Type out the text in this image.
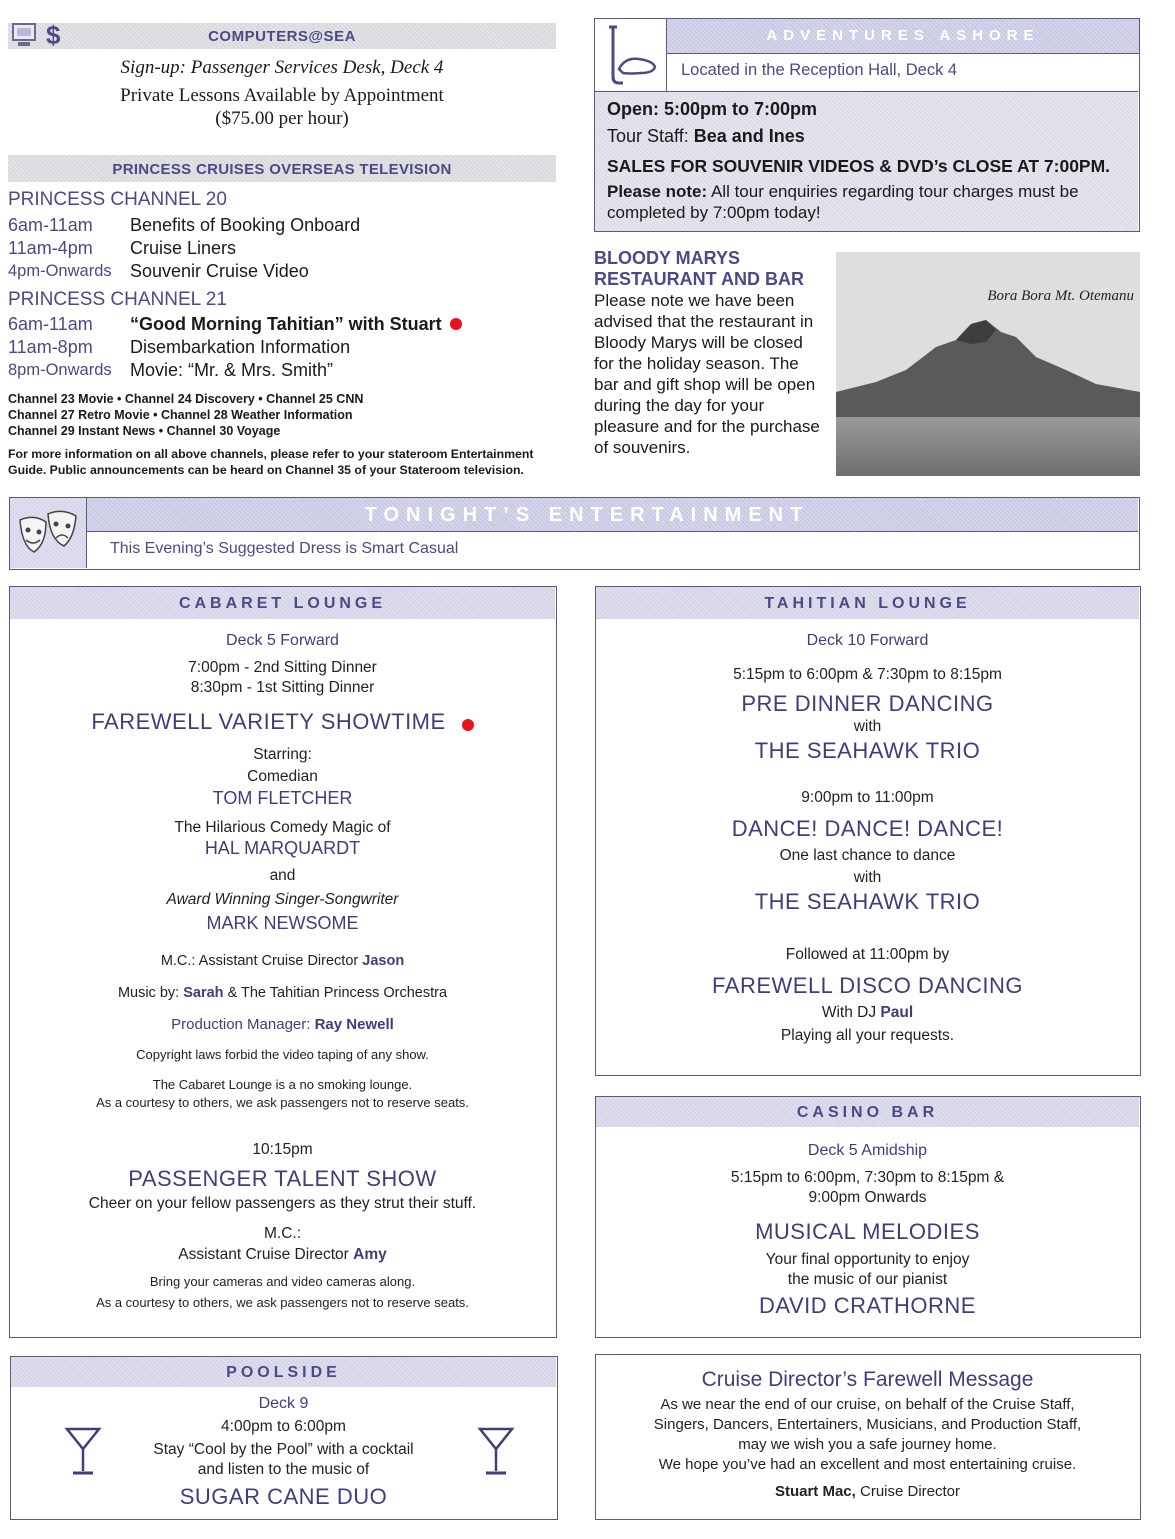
$	COMPUTERS@SEA
Sign-up: Passenger Services Desk, Deck 4
Private Lessons Available by Appointment
($75.00 per hour)
PRINCESS CRUISES OVERSEAS TELEVISION
PRINCESS CHANNEL 20
6am-11am	Benefits of Booking Onboard
11am-4pm	Cruise Liners
4pm-Onwards	Souvenir Cruise Video
PRINCESS CHANNEL 21
6am-11am	“Good Morning Tahitian” with Stuart
11am-8pm	Disembarkation Information
8pm-Onwards	Movie: “Mr. & Mrs. Smith”
Channel 23 Movie • Channel 24 Discovery • Channel 25 CNN
Channel 27 Retro Movie • Channel 28 Weather Information
Channel 29 Instant News • Channel 30 Voyage
For more information on all above channels, please refer to your stateroom Entertainment Guide. Public announcements can be heard on Channel 35 of your Stateroom television.
ADVENTURES ASHORE
Located in the Reception Hall, Deck 4
Open: 5:00pm to 7:00pm
Tour Staff: Bea and Ines
SALES FOR SOUVENIR VIDEOS & DVD’s CLOSE AT 7:00PM.
Please note: All tour enquiries regarding tour charges must be completed by 7:00pm today!
BLOODY MARYS
RESTAURANT AND BAR
Please note we have been advised that the restaurant in Bloody Marys will be closed for the holiday season. The bar and gift shop will be open during the day for your pleasure and for the purchase of souvenirs.
Bora Bora Mt. Otemanu
TONIGHT’S ENTERTAINMENT
This Evening’s Suggested Dress is Smart Casual
CABARET LOUNGE
Deck 5 Forward
7:00pm - 2nd Sitting Dinner
8:30pm - 1st Sitting Dinner
FAREWELL VARIETY SHOWTIME
Starring:
Comedian
TOM FLETCHER
The Hilarious Comedy Magic of
HAL MARQUARDT
and
Award Winning Singer-Songwriter
MARK NEWSOME
M.C.: Assistant Cruise Director Jason
Music by: Sarah & The Tahitian Princess Orchestra
Production Manager: Ray Newell
Copyright laws forbid the video taping of any show.
The Cabaret Lounge is a no smoking lounge.
As a courtesy to others, we ask passengers not to reserve seats.
10:15pm
PASSENGER TALENT SHOW
Cheer on your fellow passengers as they strut their stuff.
M.C.:
Assistant Cruise Director Amy
Bring your cameras and video cameras along.
As a courtesy to others, we ask passengers not to reserve seats.
TAHITIAN LOUNGE
Deck 10 Forward
5:15pm to 6:00pm & 7:30pm to 8:15pm
PRE DINNER DANCING
with
THE SEAHAWK TRIO
9:00pm to 11:00pm
DANCE! DANCE! DANCE!
One last chance to dance
with
THE SEAHAWK TRIO
Followed at 11:00pm by
FAREWELL DISCO DANCING
With DJ Paul
Playing all your requests.
CASINO BAR
Deck 5 Amidship
5:15pm to 6:00pm, 7:30pm to 8:15pm &
9:00pm Onwards
MUSICAL MELODIES
Your final opportunity to enjoy
the music of our pianist
DAVID CRATHORNE
POOLSIDE
Deck 9
4:00pm to 6:00pm
Stay “Cool by the Pool” with a cocktail
and listen to the music of
SUGAR CANE DUO
Cruise Director’s Farewell Message
As we near the end of our cruise, on behalf of the Cruise Staff,
Singers, Dancers, Entertainers, Musicians, and Production Staff,
may we wish you a safe journey home.
We hope you’ve had an excellent and most entertaining cruise.
Stuart Mac, Cruise Director
